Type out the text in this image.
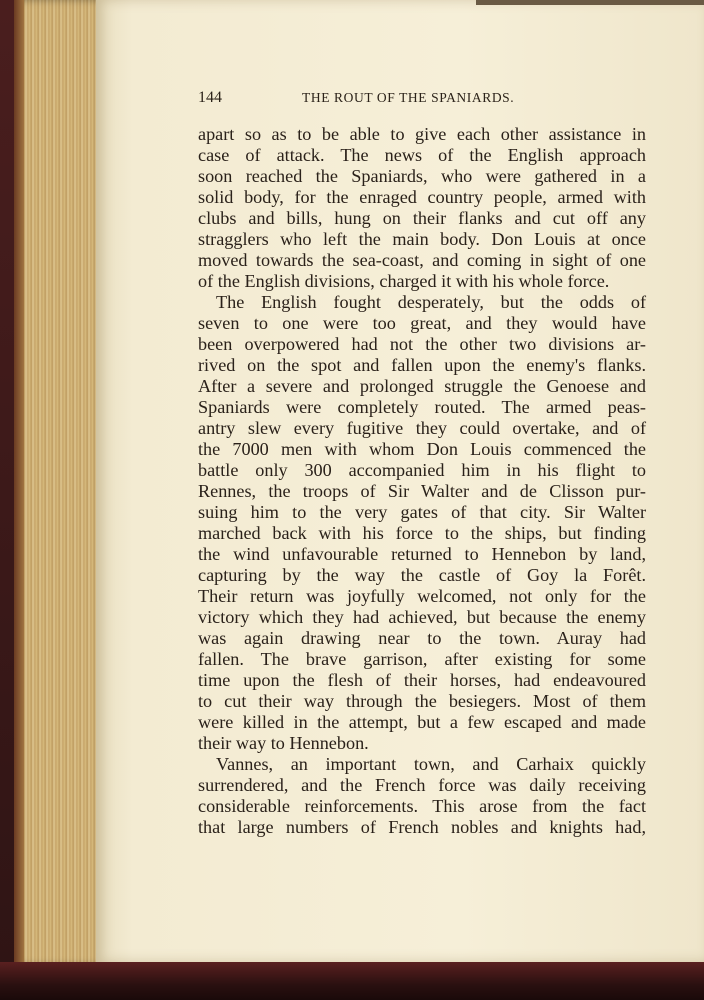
144	THE ROUT OF THE SPANIARDS.
apart so as to be able to give each other assistance in
case of attack. The news of the English approach
soon reached the Spaniards, who were gathered in a
solid body, for the enraged country people, armed with
clubs and bills, hung on their flanks and cut off any
stragglers who left the main body. Don Louis at once
moved towards the sea-coast, and coming in sight of one
of the English divisions, charged it with his whole force.
The English fought desperately, but the odds of
seven to one were too great, and they would have
been overpowered had not the other two divisions ar-
rived on the spot and fallen upon the enemy's flanks.
After a severe and prolonged struggle the Genoese and
Spaniards were completely routed. The armed peas-
antry slew every fugitive they could overtake, and of
the 7000 men with whom Don Louis commenced the
battle only 300 accompanied him in his flight to
Rennes, the troops of Sir Walter and de Clisson pur-
suing him to the very gates of that city. Sir Walter
marched back with his force to the ships, but finding
the wind unfavourable returned to Hennebon by land,
capturing by the way the castle of Goy la Forêt.
Their return was joyfully welcomed, not only for the
victory which they had achieved, but because the enemy
was again drawing near to the town. Auray had
fallen. The brave garrison, after existing for some
time upon the flesh of their horses, had endeavoured
to cut their way through the besiegers. Most of them
were killed in the attempt, but a few escaped and made
their way to Hennebon.
Vannes, an important town, and Carhaix quickly
surrendered, and the French force was daily receiving
considerable reinforcements. This arose from the fact
that large numbers of French nobles and knights had,
